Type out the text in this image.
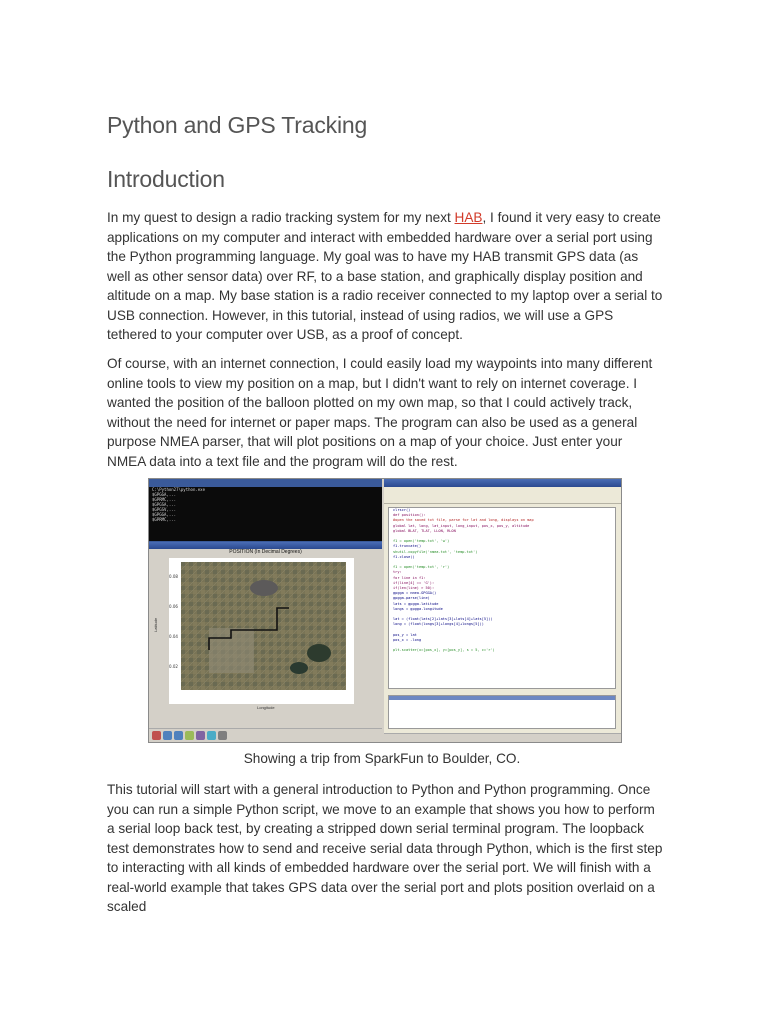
Python and GPS Tracking
Introduction

In my quest to design a radio tracking system for my next HAB, I found it very easy to create applications on my computer and interact with embedded hardware over a serial port using the Python programming language. My goal was to have my HAB transmit GPS data (as well as other sensor data) over RF, to a base station, and graphically display position and altitude on a map. My base station is a radio receiver connected to my laptop over a serial to USB connection. However, in this tutorial, instead of using radios, we will use a GPS tethered to your computer over USB, as a proof of concept.

Of course, with an internet connection, I could easily load my waypoints into many different online tools to view my position on a map, but I didn't want to rely on internet coverage. I wanted the position of the balloon plotted on my own map, so that I could actively track, without the need for internet or paper maps. The program can also be used as a general purpose NMEA parser, that will plot positions on a map of your choice. Just enter your NMEA data into a text file and the program will do the rest.

Showing a trip from SparkFun to Boulder, CO.

This tutorial will start with a general introduction to Python and Python programming. Once you can run a simple Python script, we move to an example that shows you how to perform a serial loop back test, by creating a stripped down serial terminal program. The loopback test demonstrates how to send and receive serial data through Python, which is the first step to interacting with all kinds of embedded hardware over the serial port. We will finish with a real-world example that takes GPS data over the serial port and plots position overlaid on a scaled

C:\Python27\python.exe
$GPGGA,...
$GPRMC,...
$GPGSA,...
$GPGSV,...
$GPGGA,...
$GPRMC,...
POSITION (In Decimal Degrees)
0.08
0.06
0.04
0.02
Longitude
Latitude
clrscr()
def position():
#open the saved txt file, parse for lat and long, displays on map
global lat, long, lat_input, long_input, pos_x, pos_y, altitude
global BLAT, TLAT, LLON, RLON

f1 = open('temp.txt', 'w')
f1.truncate()
shutil.copyfile('nmea.txt', 'temp.txt')
f1.close()

f1 = open('temp.txt', 'r')
try:
for line in f1:
if(line[4] == 'G'):
if(len(line) > 50):
gpgga = nmea.GPGGA()
gpgga.parse(line)
lats = gpgga.latitude
longs = gpgga.longitude

lat = (float(lats[2]+lats[3]+lats[4]+lats[5]))
long = (float(longs[3]+longs[4]+longs[5]))

pos_y = lat
pos_x = -long

plt.scatter(x=[pos_x], y=[pos_y], s = 5, c='r')
